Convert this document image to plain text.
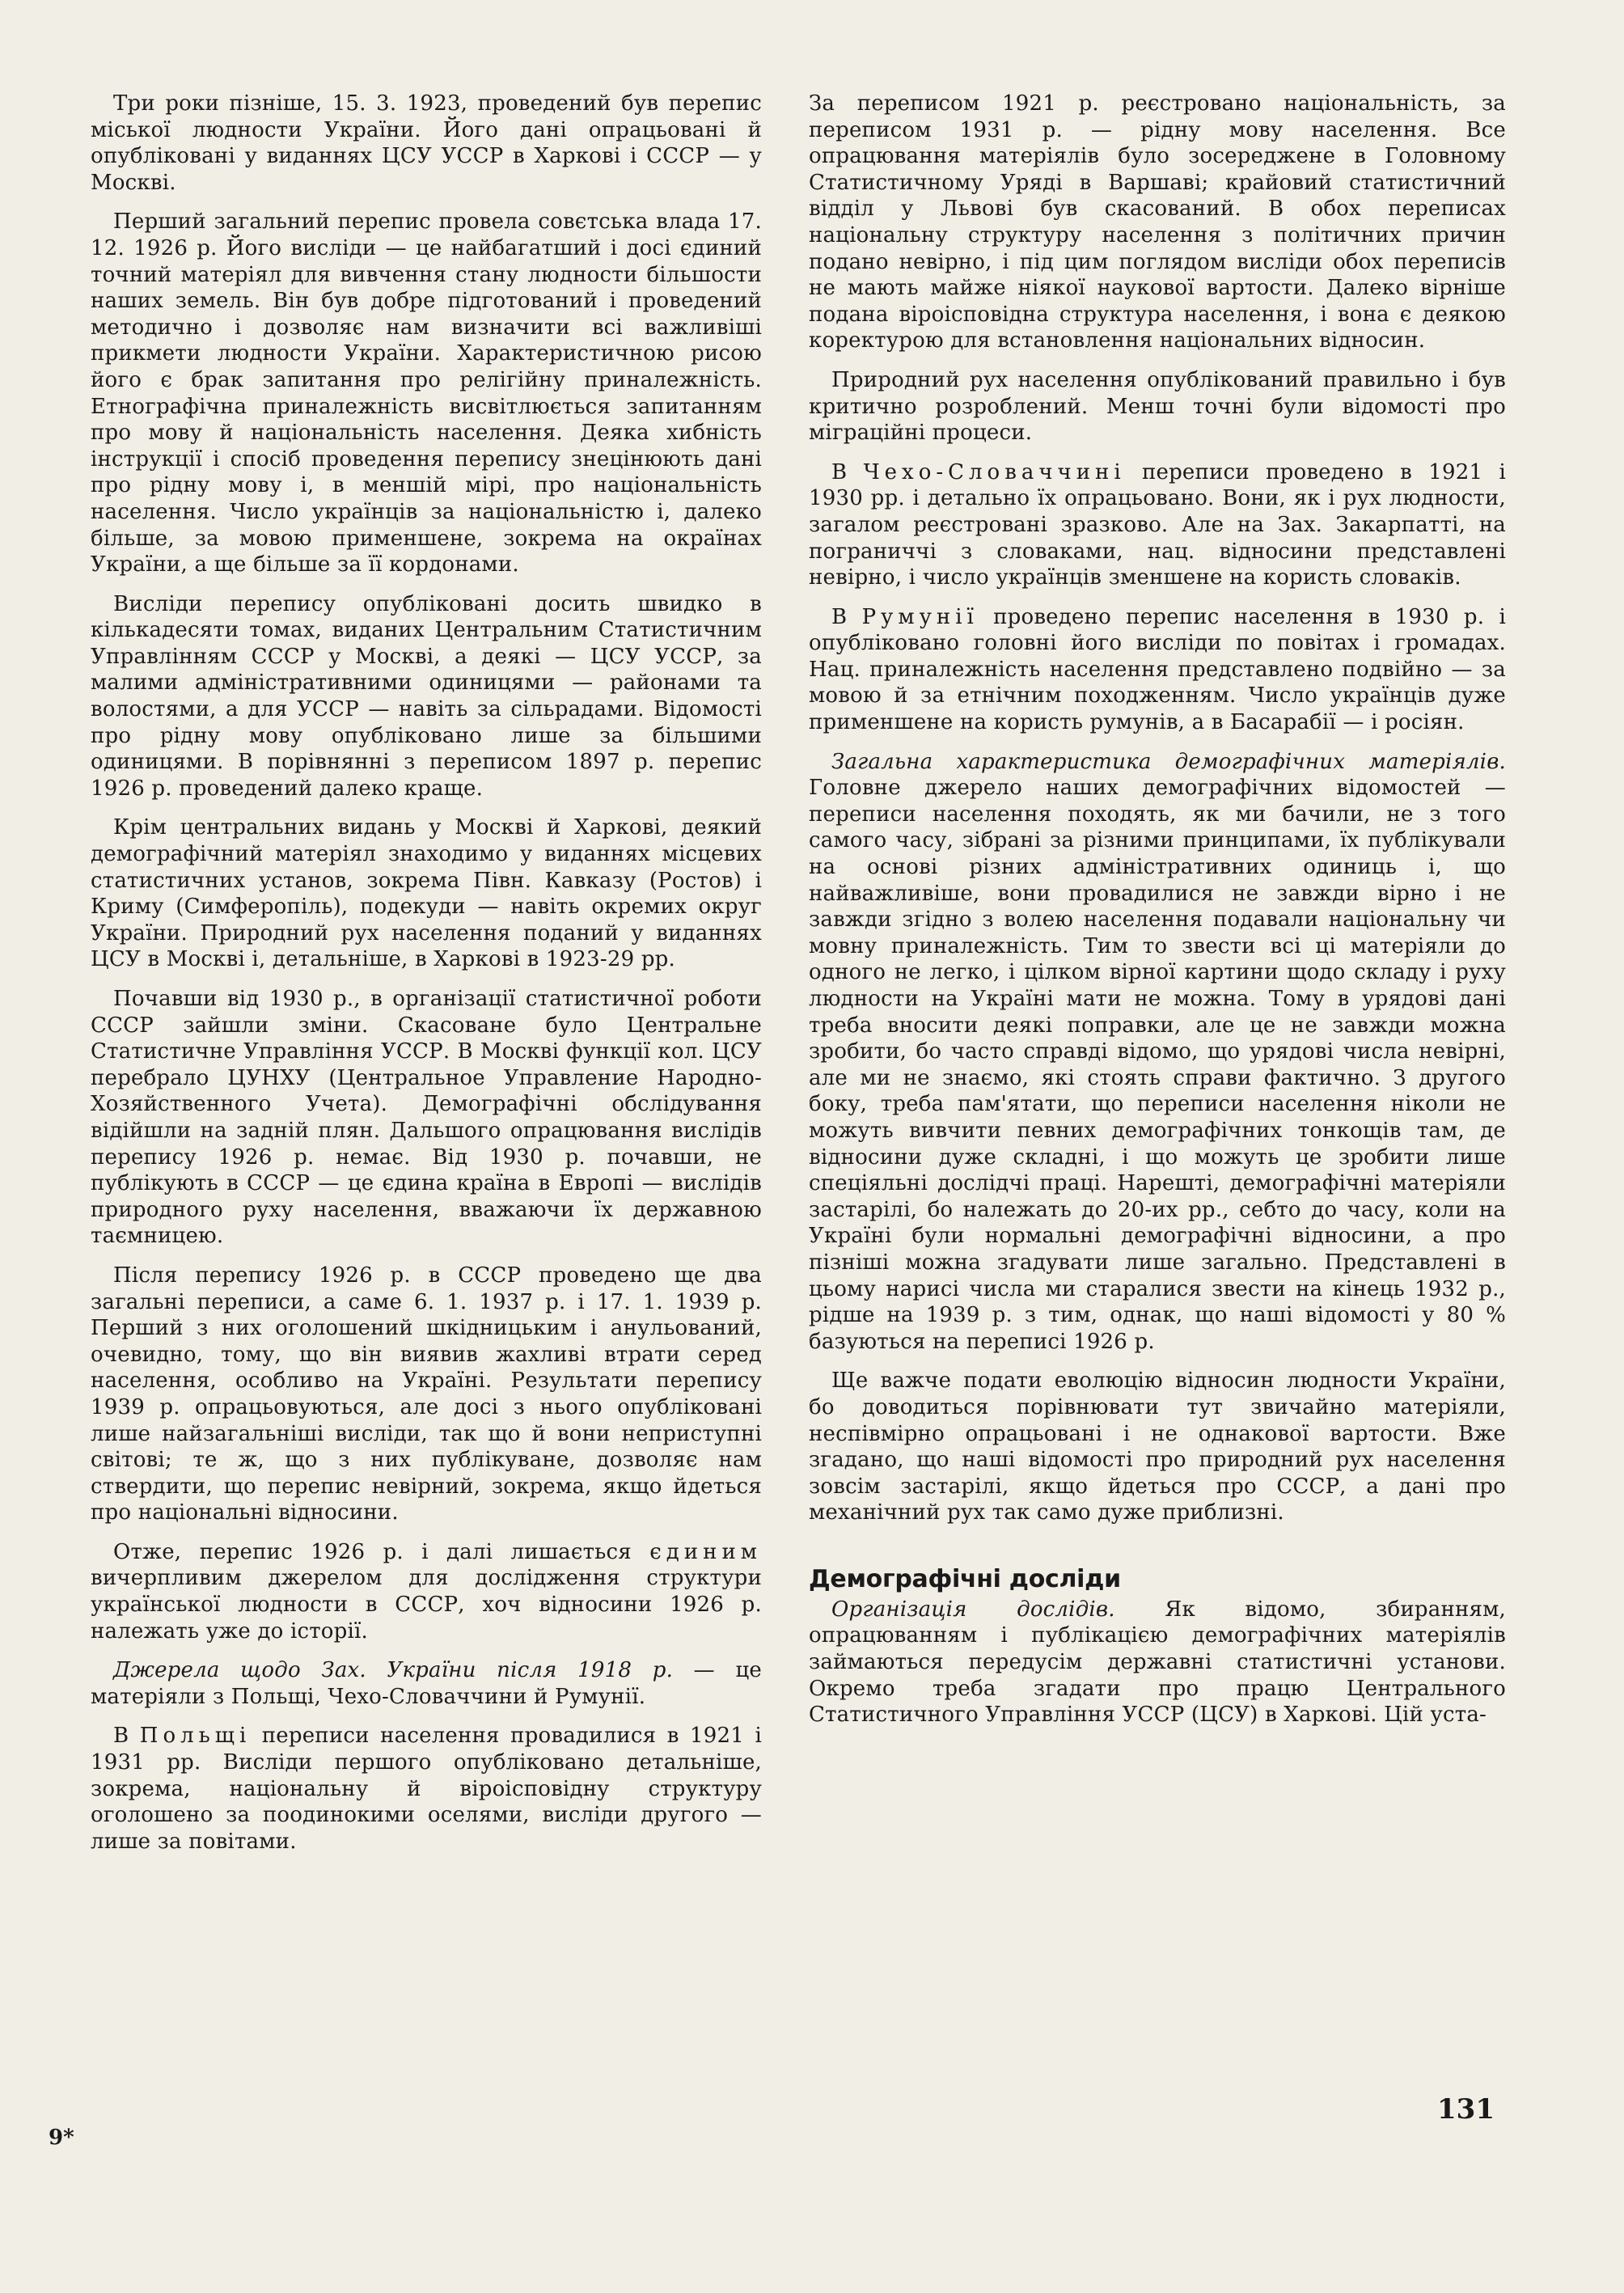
Три роки пізніше, 15. 3. 1923, проведений був перепис міської людности України. Його дані опрацьовані й опубліковані у виданнях ЦСУ УССР в Харкові і СССР — у Москві.

Перший загальний перепис провела совєтська влада 17. 12. 1926 р. Його висліди — це найбагатший і досі єдиний точний матеріял для вивчення стану людности більшости наших земель. Він був добре підготований і проведений методично і дозволяє нам визначити всі важливіші прикмети людности України. Характеристичною рисою його є брак запитання про релігійну приналежність. Етнографічна приналежність висвітлюється запитанням про мову й національність населення. Деяка хибність інструкції і спосіб проведення перепису знецінюють дані про рідну мову і, в меншій мірі, про національність населення. Число українців за національністю і, далеко більше, за мовою применшене, зокрема на окраїнах України, а ще більше за її кордонами.

Висліди перепису опубліковані досить швидко в кількадесяти томах, виданих Центральним Статистичним Управлінням СССР у Москві, а деякі — ЦСУ УССР, за малими адміністративними одиницями — районами та волостями, а для УССР — навіть за сільрадами. Відомості про рідну мову опубліковано лише за більшими одиницями. В порівнянні з переписом 1897 р. перепис 1926 р. проведений далеко краще.

Крім центральних видань у Москві й Харкові, деякий демографічний матеріял знаходимо у виданнях місцевих статистичних установ, зокрема Півн. Кавказу (Ростов) і Криму (Симферопіль), подекуди — навіть окремих округ України. Природний рух населення поданий у виданнях ЦСУ в Москві і, детальніше, в Харкові в 1923-29 рр.

Почавши від 1930 р., в організації статистичної роботи СССР зайшли зміни. Скасоване було Центральне Статистичне Управління УССР. В Москві функції кол. ЦСУ перебрало ЦУНХУ (Центральное Управление Народно-Хозяйственного Учета). Демографічні обслідування відійшли на задній плян. Дальшого опрацювання вислідів перепису 1926 р. немає. Від 1930 р. почавши, не публікують в СССР — це єдина країна в Европі — вислідів природного руху населення, вважаючи їх державною таємницею.

Після перепису 1926 р. в СССР проведено ще два загальні переписи, а саме 6. 1. 1937 р. і 17. 1. 1939 р. Перший з них оголошений шкідницьким і анульований, очевидно, тому, що він виявив жахливі втрати серед населення, особливо на Україні. Результати перепису 1939 р. опрацьовуються, але досі з нього опубліковані лише найзагальніші висліди, так що й вони неприступні світові; те ж, що з них публікуване, дозволяє нам ствердити, що перепис невірний, зокрема, якщо йдеться про національні відносини.

Отже, перепис 1926 р. і далі лишається єдиним вичерпливим джерелом для дослідження структури української людности в СССР, хоч відносини 1926 р. належать уже до історії.

Джерела щодо Зах. України після 1918 р. — це матеріяли з Польщі, Чехо-Словаччини й Румунії.

В Польщі переписи населення провадилися в 1921 і 1931 рр. Висліди першого опубліковано детальніше, зокрема, національну й віроісповідну структуру оголошено за поодинокими оселями, висліди другого — лише за повітами.

За переписом 1921 р. реєстровано національність, за переписом 1931 р. — рідну мову населення. Все опрацювання матеріялів було зосереджене в Головному Статистичному Уряді в Варшаві; крайовий статистичний відділ у Львові був скасований. В обох переписах національну структуру населення з політичних причин подано невірно, і під цим поглядом висліди обох переписів не мають майже ніякої наукової вартости. Далеко вірніше подана віроісповідна структура населення, і вона є деякою коректурою для встановлення національних відносин.

Природний рух населення опублікований правильно і був критично розроблений. Менш точні були відомості про міграційні процеси.

В Чехо-Словаччині переписи проведено в 1921 і 1930 рр. і детально їх опрацьовано. Вони, як і рух людности, загалом реєстровані зразково. Але на Зах. Закарпатті, на пограниччі з словаками, нац. відносини представлені невірно, і число українців зменшене на користь словаків.

В Румунії проведено перепис населення в 1930 р. і опубліковано головні його висліди по повітах і громадах. Нац. приналежність населення представлено подвійно — за мовою й за етнічним походженням. Число українців дуже применшене на користь румунів, а в Басарабії — і росіян.

Загальна характеристика демографічних матеріялів. Головне джерело наших демографічних відомостей — переписи населення походять, як ми бачили, не з того самого часу, зібрані за різними принципами, їх публікували на основі різних адміністративних одиниць і, що найважливіше, вони провадилися не завжди вірно і не завжди згідно з волею населення подавали національну чи мовну приналежність. Тим то звести всі ці матеріяли до одного не легко, і цілком вірної картини щодо складу і руху людности на Україні мати не можна. Тому в урядові дані треба вносити деякі поправки, але це не завжди можна зробити, бо часто справді відомо, що урядові числа невірні, але ми не знаємо, які стоять справи фактично. З другого боку, треба пам'ятати, що переписи населення ніколи не можуть вивчити певних демографічних тонкощів там, де відносини дуже складні, і що можуть це зробити лише спеціяльні дослідчі праці. Нарешті, демографічні матеріяли застарілі, бо належать до 20-их рр., себто до часу, коли на Україні були нормальні демографічні відносини, а про пізніші можна згадувати лише загально. Представлені в цьому нарисі числа ми старалися звести на кінець 1932 р., рідше на 1939 р. з тим, однак, що наші відомості у 80 % базуються на переписі 1926 р.

Ще важче подати еволюцію відносин людности України, бо доводиться порівнювати тут звичайно матеріяли, неспівмірно опрацьовані і не однакової вартости. Вже згадано, що наші відомості про природний рух населення зовсім застарілі, якщо йдеться про СССР, а дані про механічний рух так само дуже приблизні.

Демографічні досліди

Організація дослідів. Як відомо, збиранням, опрацюванням і публікацією демографічних матеріялів займаються передусім державні статистичні установи. Окремо треба згадати про працю Центрального Статистичного Управління УССР (ЦСУ) в Харкові. Цій уста-

9*
131
